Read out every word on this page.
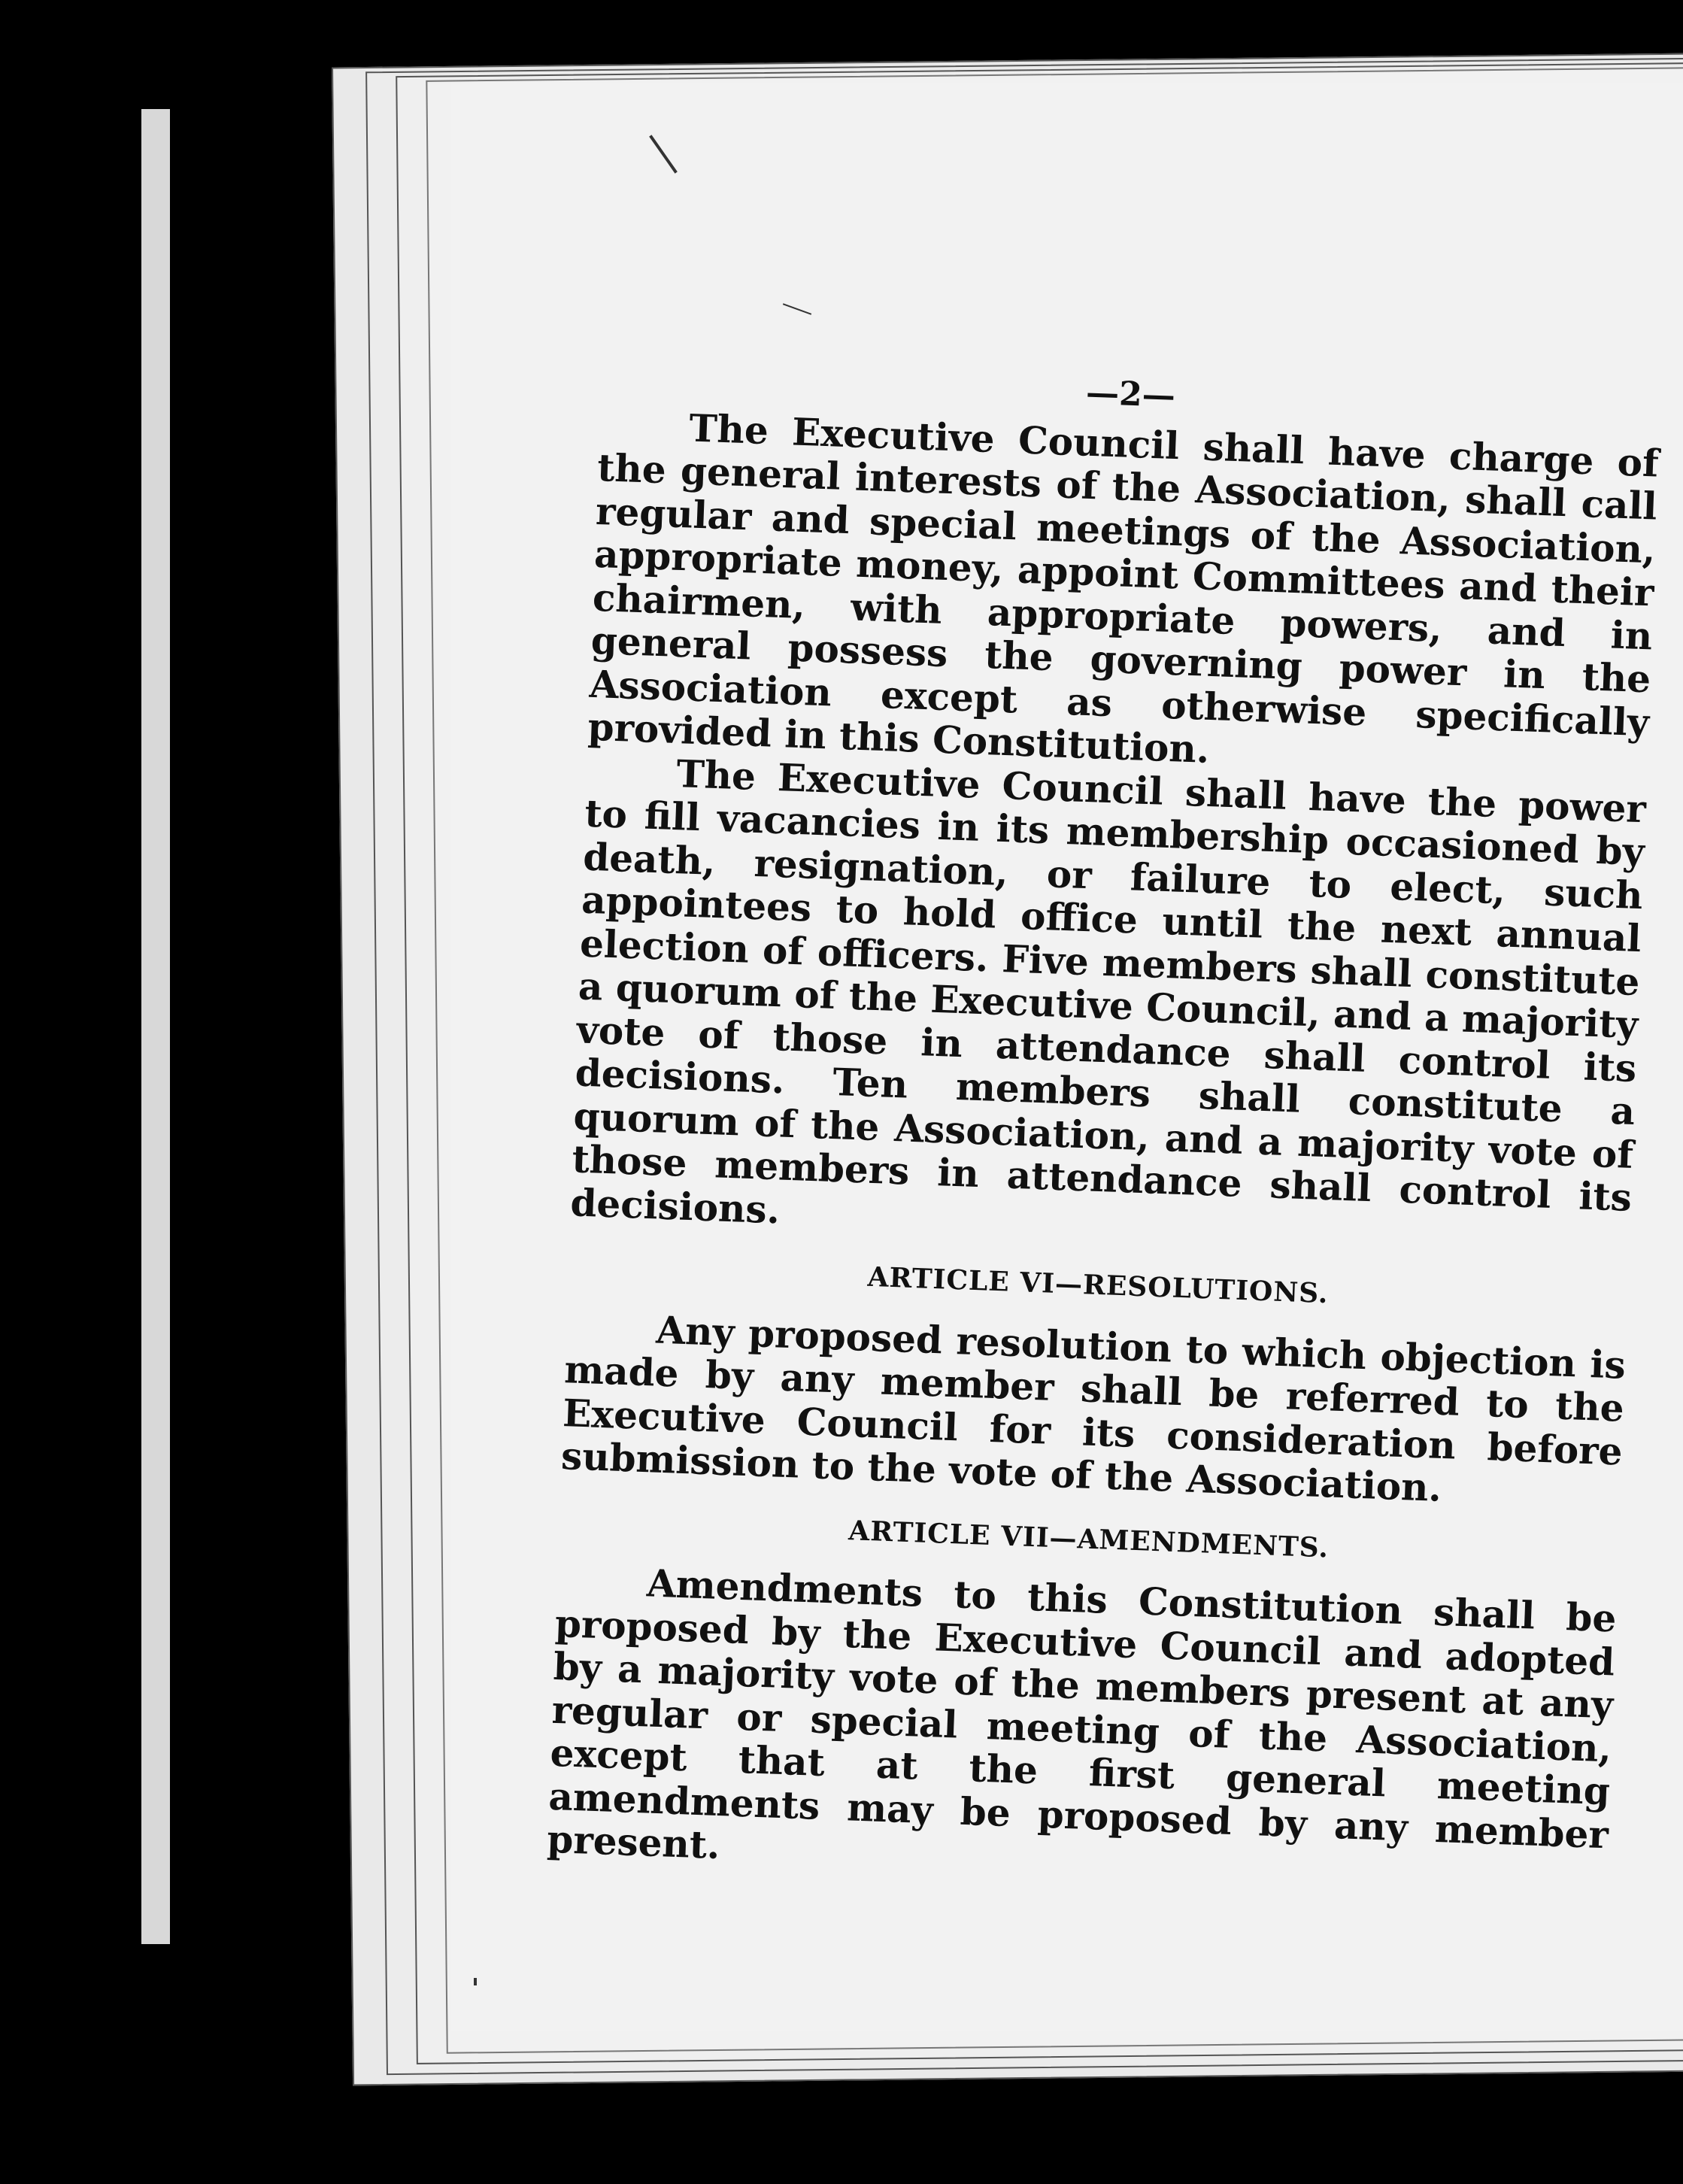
—2—

The Executive Council shall have charge of the general interests of the Association, shall call regular and special meetings of the Association, appropriate money, appoint Committees and their chairmen, with appropriate powers, and in general possess the governing power in the Association except as otherwise specifically provided in this Constitution.

The Executive Council shall have the power to fill vacancies in its membership occasioned by death, resignation, or failure to elect, such appointees to hold office until the next annual election of officers. Five members shall constitute a quorum of the Executive Council, and a majority vote of those in attendance shall control its decisions. Ten members shall constitute a quorum of the Association, and a majority vote of those members in attendance shall control its decisions.

ARTICLE VI—RESOLUTIONS.

Any proposed resolution to which objection is made by any member shall be referred to the Executive Council for its consideration before submission to the vote of the Association.

ARTICLE VII—AMENDMENTS.

Amendments to this Constitution shall be proposed by the Executive Council and adopted by a majority vote of the members present at any regular or special meeting of the Association, except that at the first general meeting amendments may be proposed by any member present.
